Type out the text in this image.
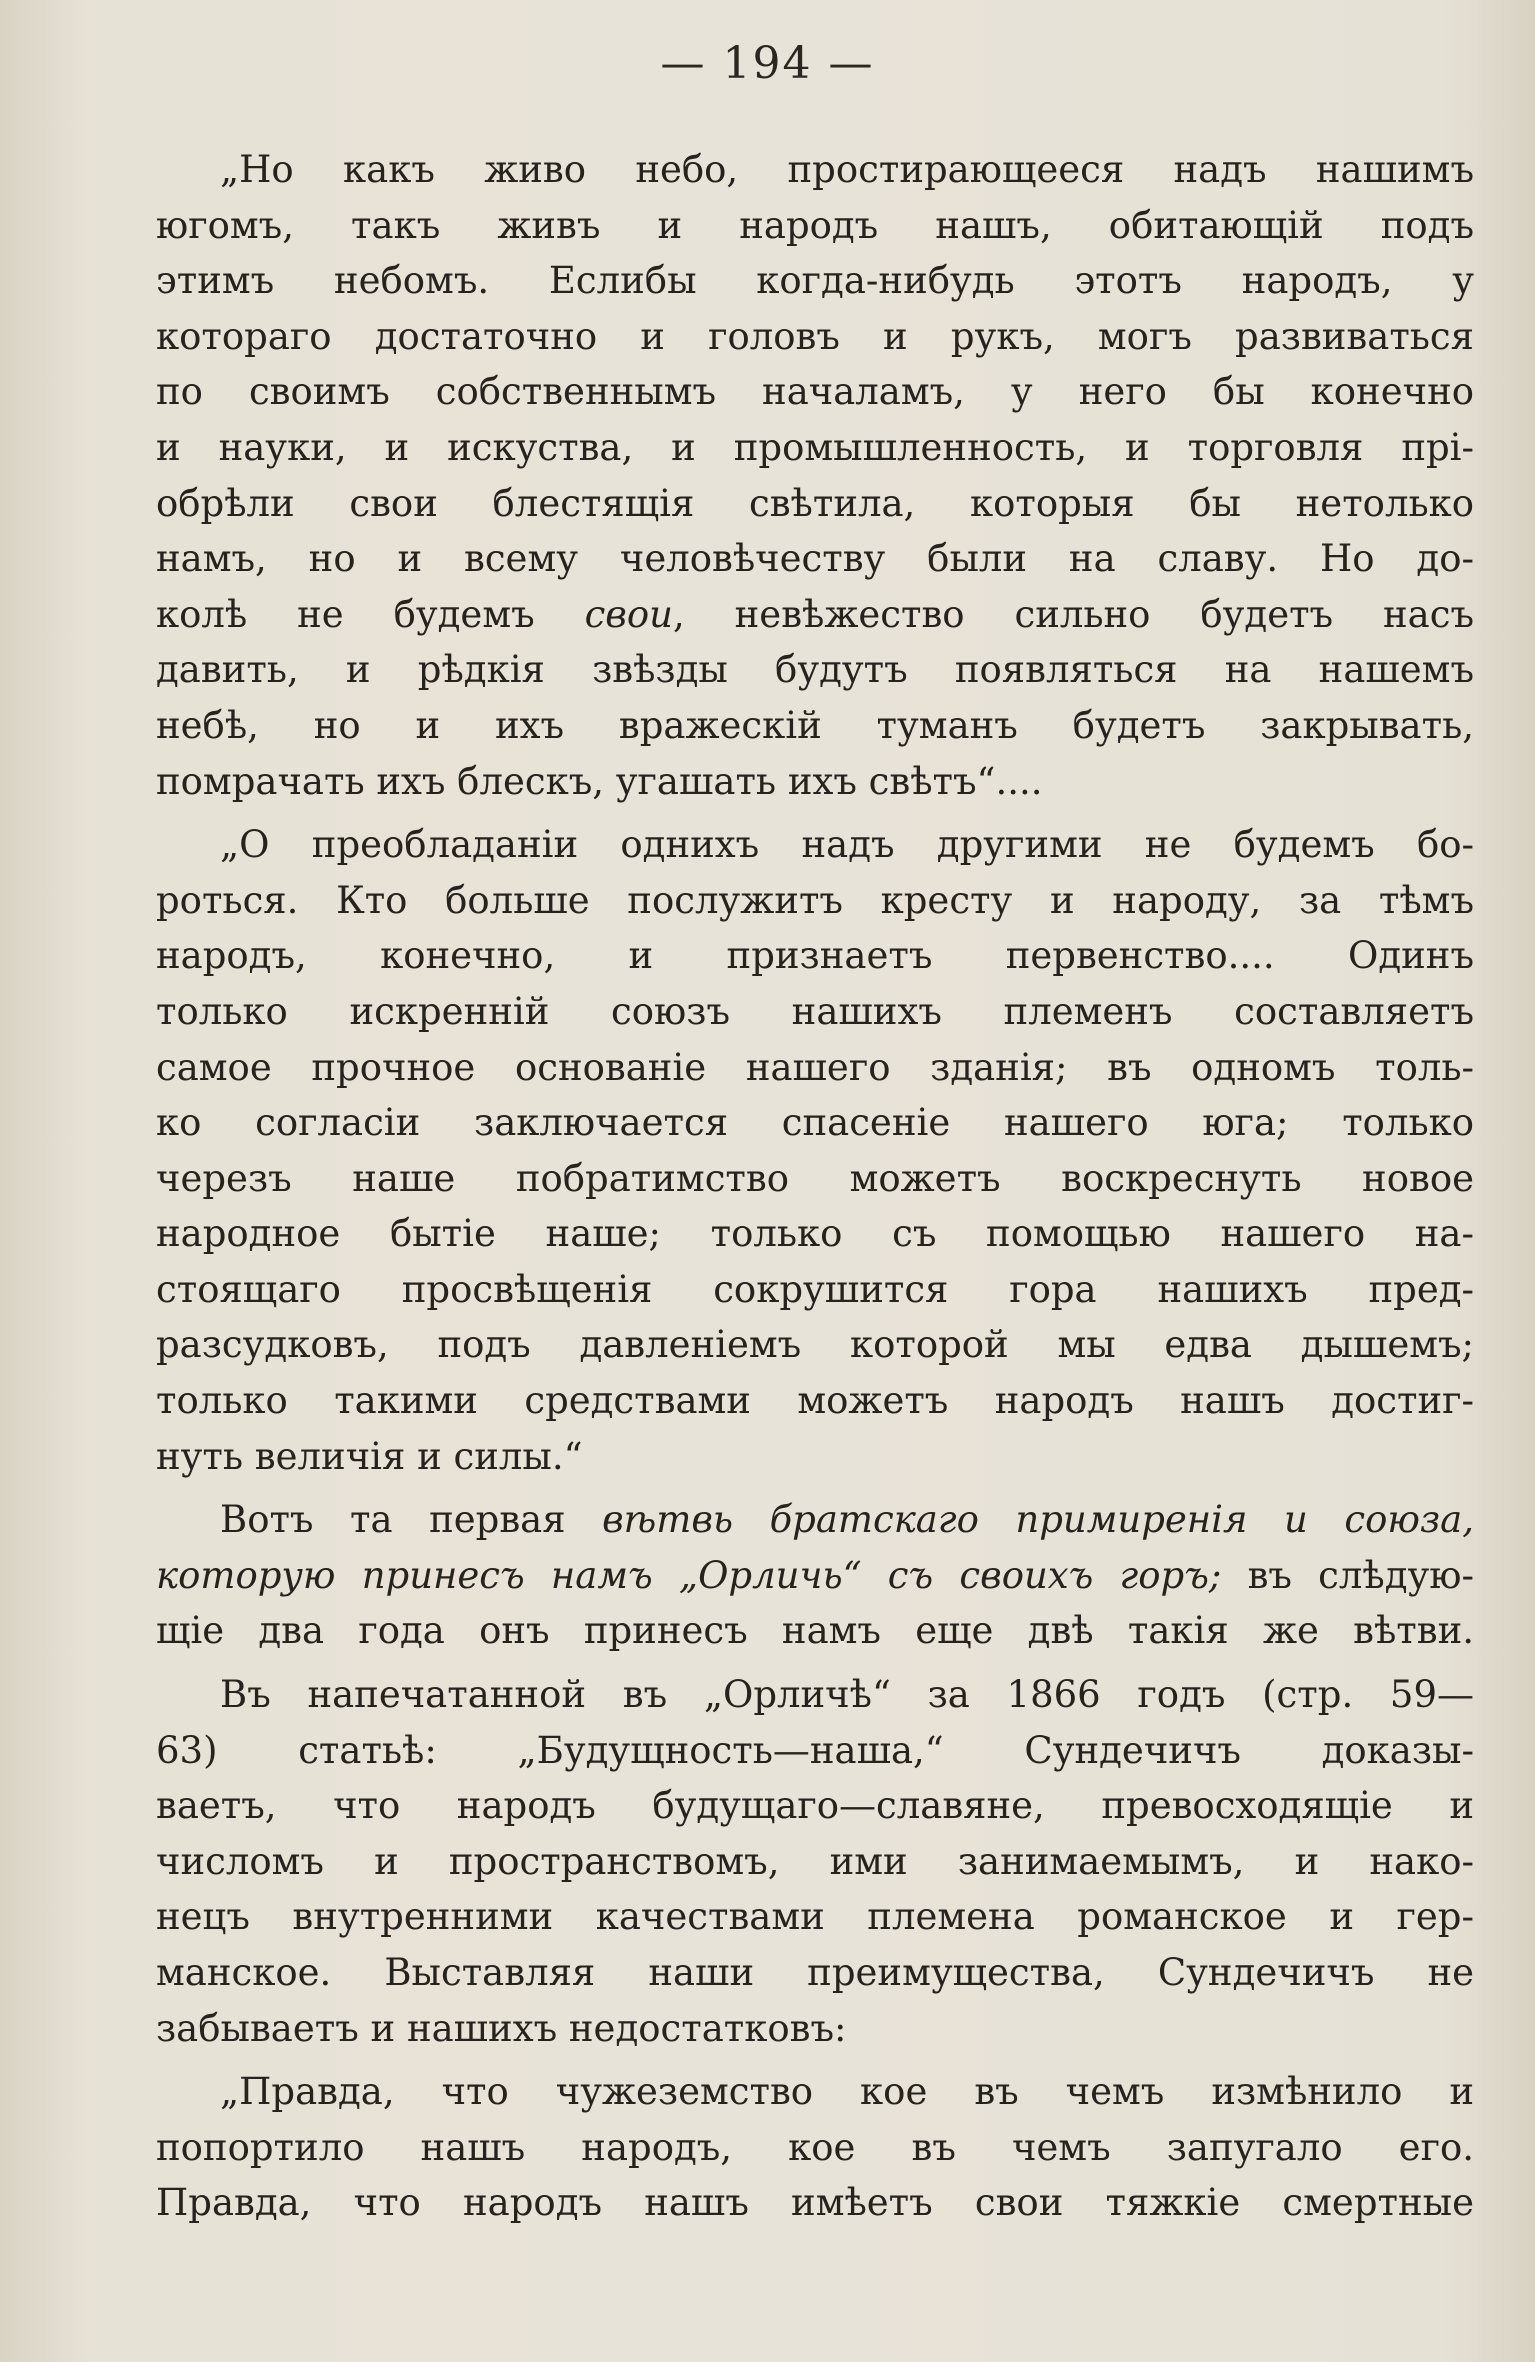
— 194 —
„Но какъ живо небо, простирающееся надъ нашимъ
югомъ, такъ живъ и народъ нашъ, обитающій подъ
этимъ небомъ. Еслибы когда-нибудь этотъ народъ, у
котораго достаточно и головъ и рукъ, могъ развиваться
по своимъ собственнымъ началамъ, у него бы конечно
и науки, и искуства, и промышленность, и торговля прі-
обрѣли свои блестящія свѣтила, которыя бы нетолько
намъ, но и всему человѣчеству были на славу. Но до-
колѣ не будемъ свои, невѣжество сильно будетъ насъ
давить, и рѣдкія звѣзды будутъ появляться на нашемъ
небѣ, но и ихъ вражескій туманъ будетъ закрывать,
помрачать ихъ блескъ, угашать ихъ свѣтъ“....
„О преобладаніи однихъ надъ другими не будемъ бо-
роться. Кто больше послужитъ кресту и народу, за тѣмъ
народъ, конечно, и признаетъ первенство.... Одинъ
только искренній союзъ нашихъ племенъ составляетъ
самое прочное основаніе нашего зданія; въ одномъ толь-
ко согласіи заключается спасеніе нашего юга; только
черезъ наше побратимство можетъ воскреснуть новое
народное бытіе наше; только съ помощью нашего на-
стоящаго просвѣщенія сокрушится гора нашихъ пред-
разсудковъ, подъ давленіемъ которой мы едва дышемъ;
только такими средствами можетъ народъ нашъ достиг-
нуть величія и силы.“
Вотъ та первая вѣтвь братскаго примиренія и союза,
которую принесъ намъ „Орличь“ съ своихъ горъ; въ слѣдую-
щіе два года онъ принесъ намъ еще двѣ такія же вѣтви.
Въ напечатанной въ „Орличѣ“ за 1866 годъ (стр. 59—
63) статьѣ: „Будущность—наша,“ Сундечичъ доказы-
ваетъ, что народъ будущаго—славяне, превосходящіе и
числомъ и пространствомъ, ими занимаемымъ, и нако-
нецъ внутренними качествами племена романское и гер-
манское. Выставляя наши преимущества, Сундечичъ не
забываетъ и нашихъ недостатковъ:
„Правда, что чужеземство кое въ чемъ измѣнило и
попортило нашъ народъ, кое въ чемъ запугало его.
Правда, что народъ нашъ имѣетъ свои тяжкіе смертные
